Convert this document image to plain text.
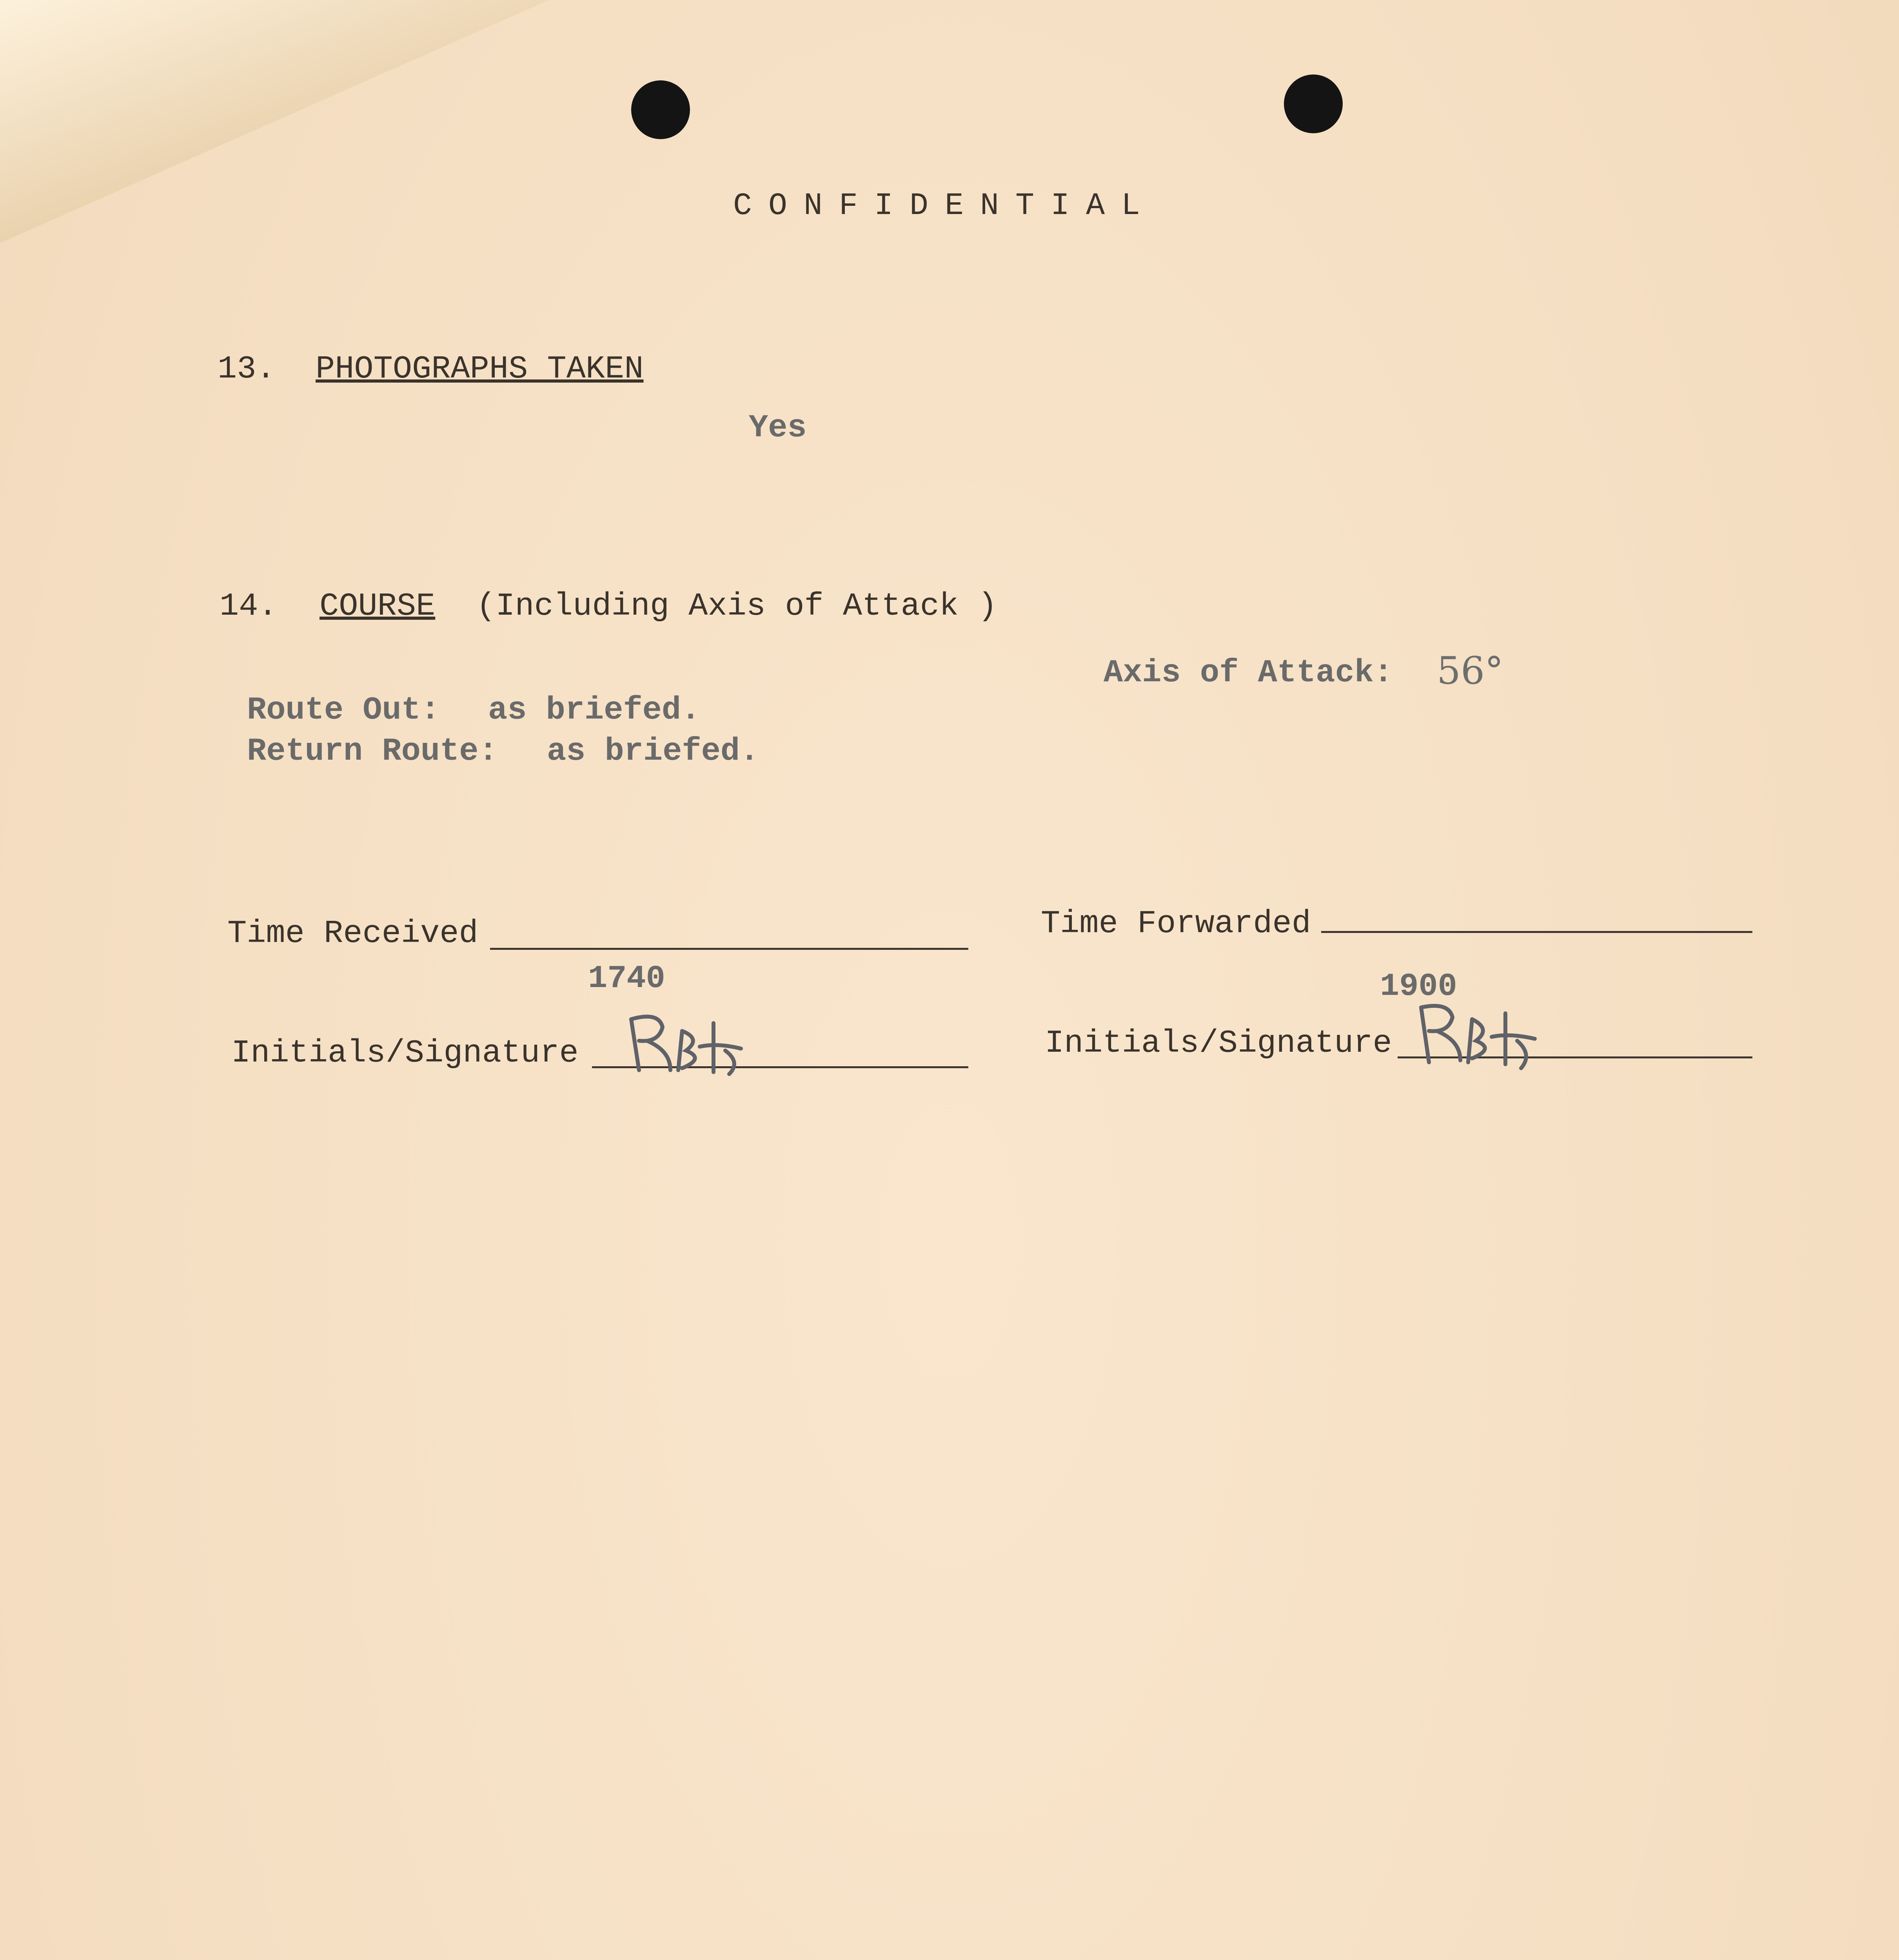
CONFIDENTIAL
13. PHOTOGRAPHS TAKEN
Yes
14. COURSE (Including Axis of Attack )
Axis of Attack: 56°
Route Out: as briefed.
Return Route: as briefed.
Time Received
1740
Time Forwarded
1900
Initials/Signature	Initials/Signature
